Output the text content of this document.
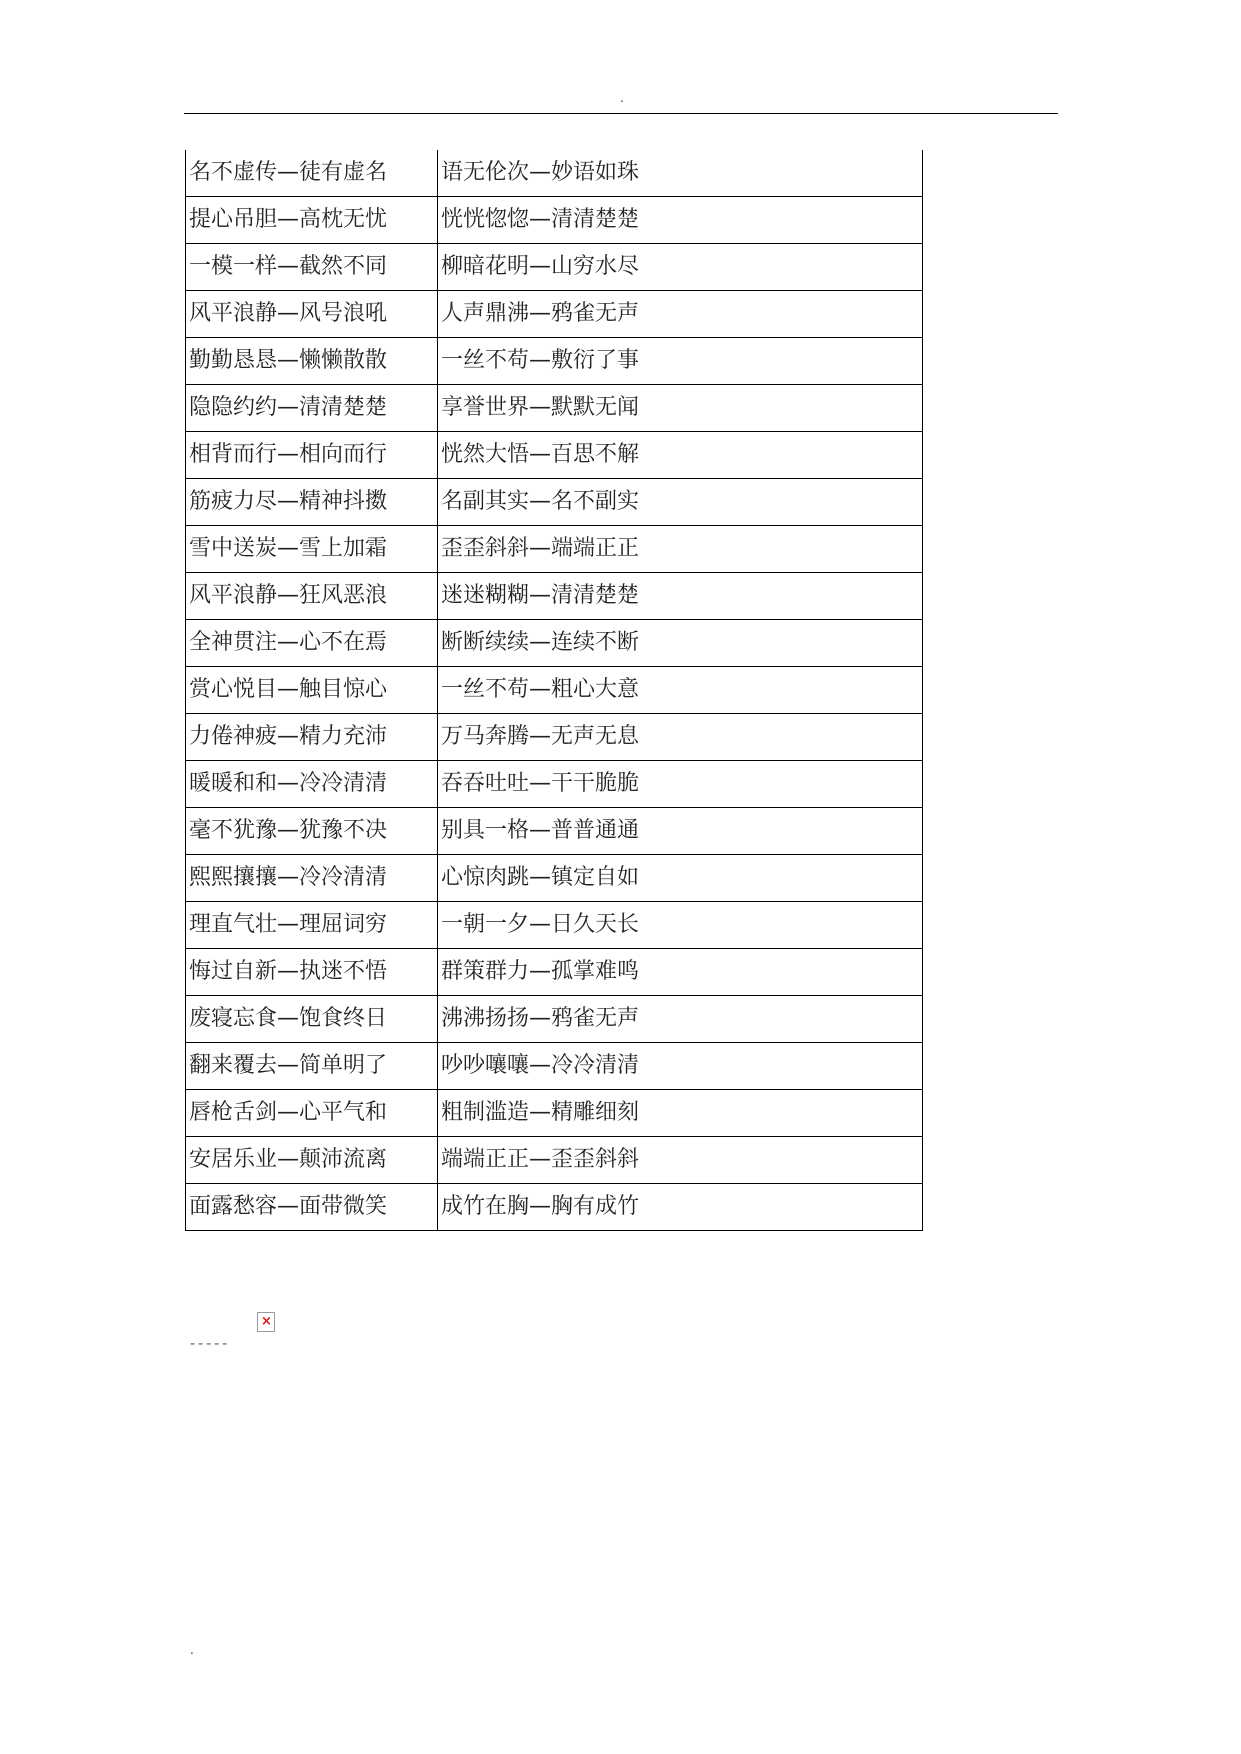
.
名不虚传—徒有虚名	语无伦次—妙语如珠
提心吊胆—高枕无忧	恍恍惚惚—清清楚楚
一模一样—截然不同	柳暗花明—山穷水尽
风平浪静—风号浪吼	人声鼎沸—鸦雀无声
勤勤恳恳—懒懒散散	一丝不苟—敷衍了事
隐隐约约—清清楚楚	享誉世界—默默无闻
相背而行—相向而行	恍然大悟—百思不解
筋疲力尽—精神抖擞	名副其实—名不副实
雪中送炭—雪上加霜	歪歪斜斜—端端正正
风平浪静—狂风恶浪	迷迷糊糊—清清楚楚
全神贯注—心不在焉	断断续续—连续不断
赏心悦目—触目惊心	一丝不苟—粗心大意
力倦神疲—精力充沛	万马奔腾—无声无息
暖暖和和—冷冷清清	吞吞吐吐—干干脆脆
毫不犹豫—犹豫不决	别具一格—普普通通
熙熙攘攘—冷冷清清	心惊肉跳—镇定自如
理直气壮—理屈词穷	一朝一夕—日久天长
悔过自新—执迷不悟	群策群力—孤掌难鸣
废寝忘食—饱食终日	沸沸扬扬—鸦雀无声
翻来覆去—简单明了	吵吵嚷嚷—冷冷清清
唇枪舌剑—心平气和	粗制滥造—精雕细刻
安居乐业—颠沛流离	端端正正—歪歪斜斜
面露愁容—面带微笑	成竹在胸—胸有成竹
×
-----
.
